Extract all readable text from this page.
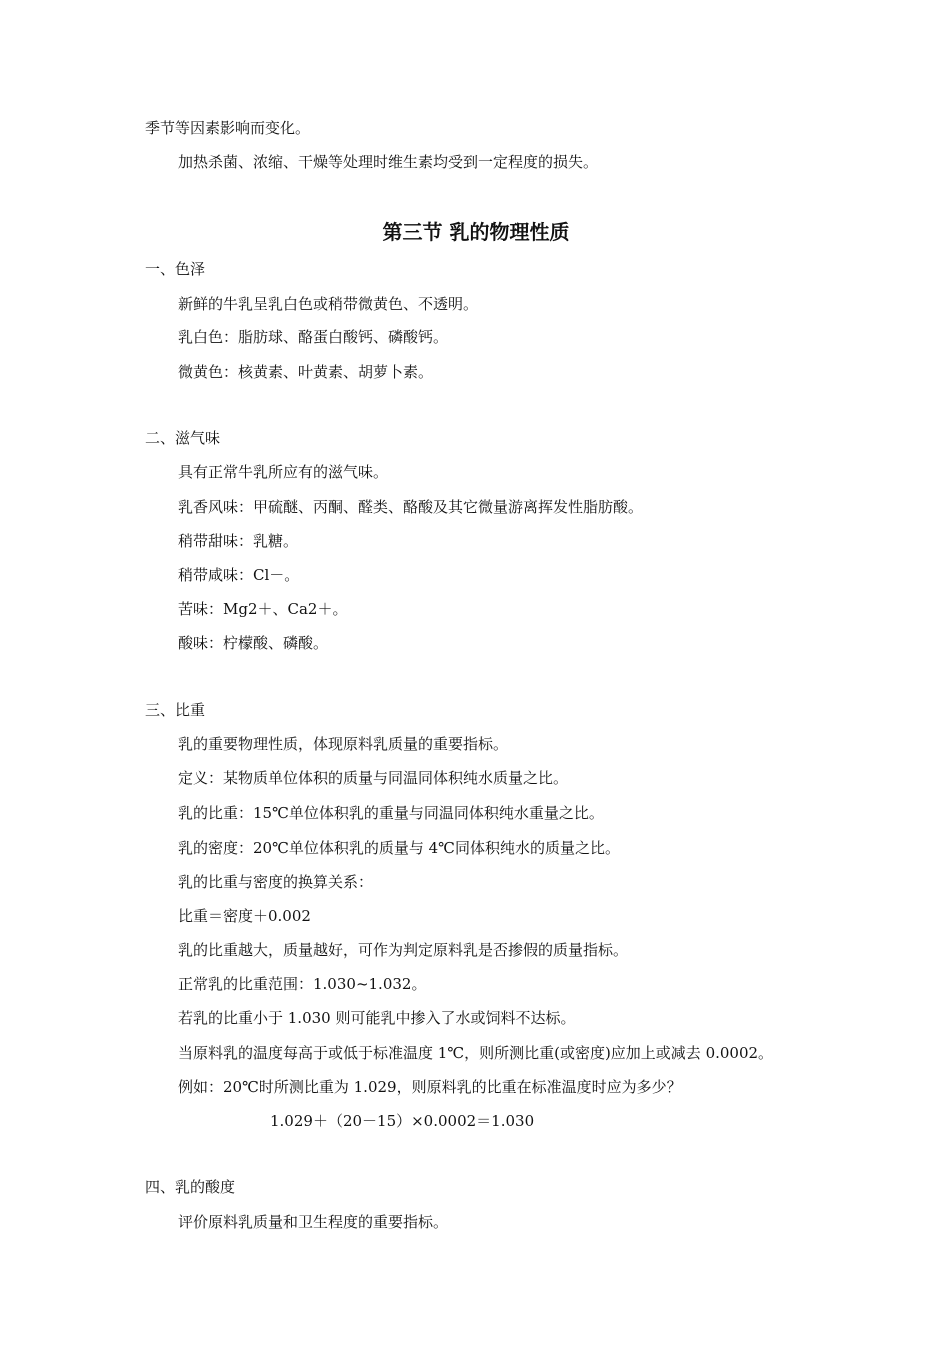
季节等因素影响而变化。
加热杀菌、浓缩、干燥等处理时维生素均受到一定程度的损失。
第三节 乳的物理性质
一、色泽
新鲜的牛乳呈乳白色或稍带微黄色、不透明。
乳白色：脂肪球、酪蛋白酸钙、磷酸钙。
微黄色：核黄素、叶黄素、胡萝卜素。
二、滋气味
具有正常牛乳所应有的滋气味。
乳香风味：甲硫醚、丙酮、醛类、酪酸及其它微量游离挥发性脂肪酸。
稍带甜味：乳糖。
稍带咸味：Cl－。
苦味：Mg2＋、Ca2＋。
酸味：柠檬酸、磷酸。
三、比重
乳的重要物理性质，体现原料乳质量的重要指标。
定义：某物质单位体积的质量与同温同体积纯水质量之比。
乳的比重：15℃单位体积乳的重量与同温同体积纯水重量之比。
乳的密度：20℃单位体积乳的质量与 4℃同体积纯水的质量之比。
乳的比重与密度的换算关系：
比重＝密度＋0.002
乳的比重越大，质量越好，可作为判定原料乳是否掺假的质量指标。
正常乳的比重范围：1.030~1.032。
若乳的比重小于 1.030 则可能乳中掺入了水或饲料不达标。
当原料乳的温度每高于或低于标准温度 1℃，则所测比重(或密度)应加上或减去 0.0002。
例如：20℃时所测比重为 1.029，则原料乳的比重在标准温度时应为多少？
1.029＋（20－15）×0.0002＝1.030
四、乳的酸度
评价原料乳质量和卫生程度的重要指标。
